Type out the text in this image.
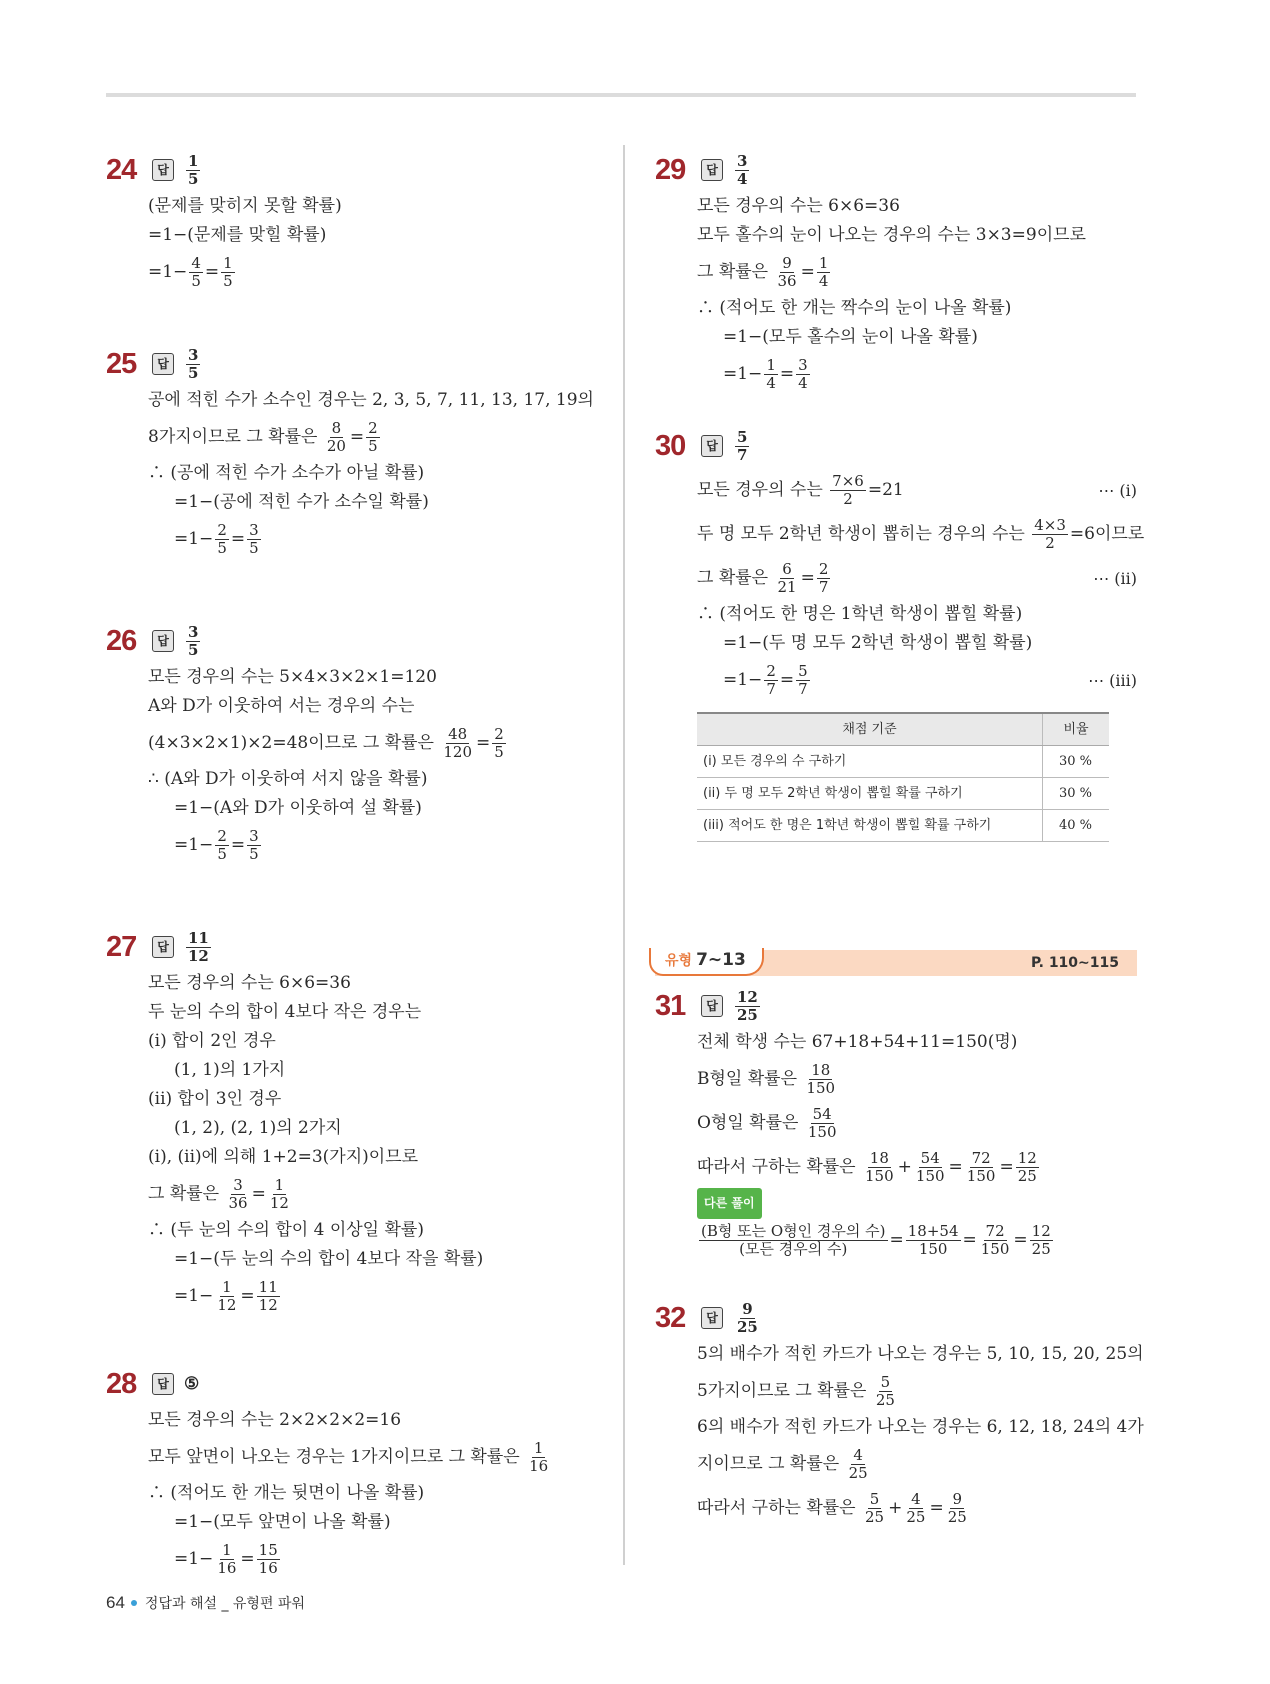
24	답	$\frac{1}{5}$
(문제를 맞히지 못할 확률)
=1−(문제를 맞힐 확률)
$=1- \frac{4}{5} = \frac{1}{5}$
25	답	$\frac{3}{5}$
공에 적힌 수가 소수인 경우는 2, 3, 5, 7, 11, 13, 17, 19의
8가지이므로 그 확률은
$\frac{8}{20} = \frac{2}{5}$
∴ (공에 적힌 수가 소수가 아닐 확률)
=1−(공에 적힌 수가 소수일 확률)
$=1- \frac{2}{5} = \frac{3}{5}$
26	답	$\frac{3}{5}$
모든 경우의 수는 5×4×3×2×1=120
A와 D가 이웃하여 서는 경우의 수는
(4×3×2×1)×2=48이므로 그 확률은
$\frac{48}{120} = \frac{2}{5}$
∴ (A와 D가 이웃하여 서지 않을 확률)
=1−(A와 D가 이웃하여 설 확률)
$=1- \frac{2}{5} = \frac{3}{5}$
27	답	$\frac{11}{12}$
모든 경우의 수는 6×6=36
두 눈의 수의 합이 4보다 작은 경우는
(i) 합이 2인 경우
(1, 1)의 1가지
(ii) 합이 3인 경우
(1, 2), (2, 1)의 2가지
(i), (ii)에 의해 1+2=3(가지)이므로
그 확률은
$\frac{3}{36} = \frac{1}{12}$
∴ (두 눈의 수의 합이 4 이상일 확률)
=1−(두 눈의 수의 합이 4보다 작을 확률)
$=1- \frac{1}{12} = \frac{11}{12}$
28	답 ⑤
모든 경우의 수는 2×2×2×2=16
모두 앞면이 나오는 경우는 1가지이므로 그 확률은
$\frac{1}{16}$
∴ (적어도 한 개는 뒷면이 나올 확률)
=1−(모두 앞면이 나올 확률)
$=1- \frac{1}{16} = \frac{15}{16}$
29	답	$\frac{3}{4}$
모든 경우의 수는 6×6=36
모두 홀수의 눈이 나오는 경우의 수는 3×3=9이므로
그 확률은
$\frac{9}{36} = \frac{1}{4}$
∴ (적어도 한 개는 짝수의 눈이 나올 확률)
=1−(모두 홀수의 눈이 나올 확률)
$=1- \frac{1}{4} = \frac{3}{4}$
30	답	$\frac{5}{7}$
모든 경우의 수는
$\frac{7\times 6}{2} =21$	⋯ (i)
두 명 모두 2학년 학생이 뽑히는 경우의 수는
$\frac{4\times 3}{2} =6$이므로
그 확률은
$\frac{6}{21} = \frac{2}{7}$	⋯ (ii)
∴ (적어도 한 명은 1학년 학생이 뽑힐 확률)
=1−(두 명 모두 2학년 학생이 뽑힐 확률)
$=1- \frac{2}{7} = \frac{5}{7}$	⋯ (iii)
채점 기준	비율
(i) 모든 경우의 수 구하기	30 %
(ii) 두 명 모두 2학년 학생이 뽑힐 확률 구하기	30 %
(iii) 적어도 한 명은 1학년 학생이 뽑힐 확률 구하기	40 %
유형 7∼13	P. 110∼115
31	답	$\frac{12}{25}$
전체 학생 수는 67+18+54+11=150(명)
B형일 확률은
$\frac{18}{150}$
O형일 확률은
$\frac{54}{150}$
따라서 구하는 확률은
$\frac{18}{150} + \frac{54}{150} = \frac{72}{150} = \frac{12}{25}$
다른 풀이
$\frac{\text{(B형 또는 O형인 경우의 수)}}{\text{(모든 경우의 수)}} = \frac{18+54}{150} = \frac{72}{150} = \frac{12}{25}$
32	답	$\frac{9}{25}$
5의 배수가 적힌 카드가 나오는 경우는 5, 10, 15, 20, 25의
5가지이므로 그 확률은
$\frac{5}{25}$
6의 배수가 적힌 카드가 나오는 경우는 6, 12, 18, 24의 4가
지이므로 그 확률은
$\frac{4}{25}$
따라서 구하는 확률은
$\frac{5}{25} + \frac{4}{25} = \frac{9}{25}$
64 정답과 해설 _ 유형편 파워
